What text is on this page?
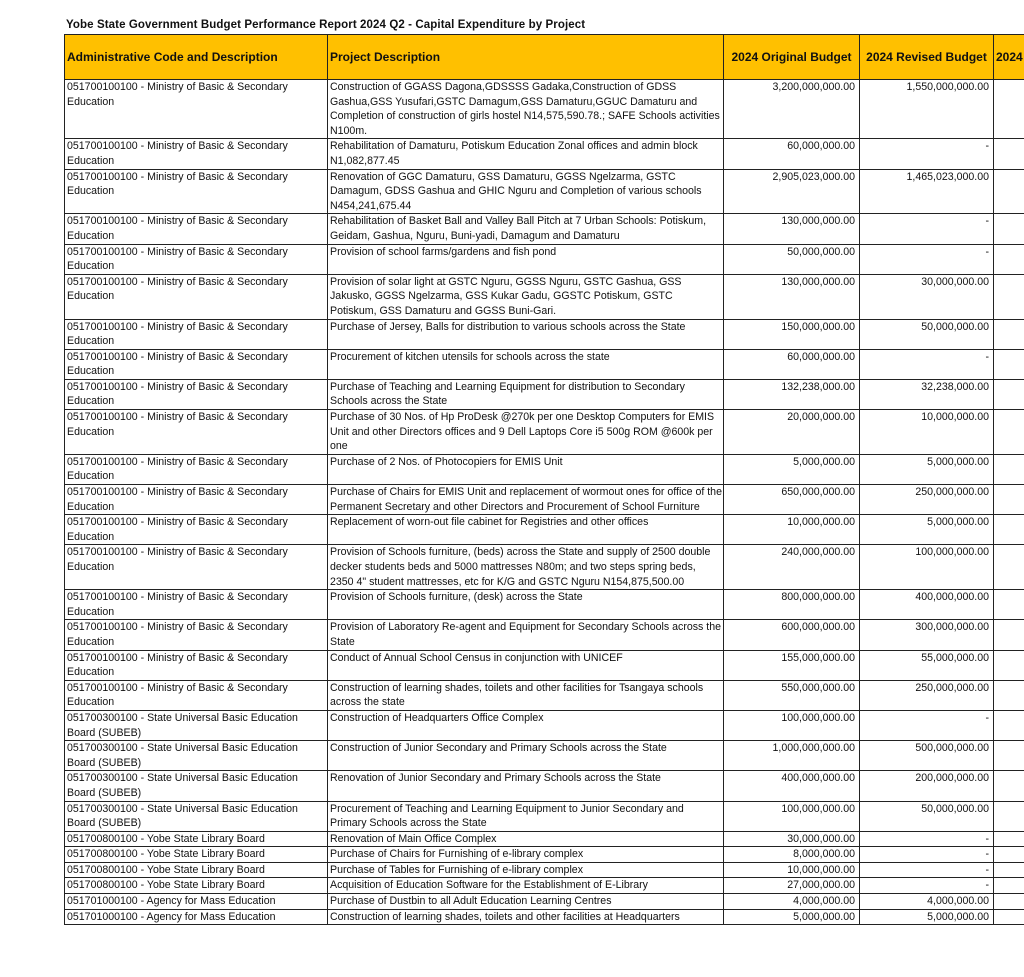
Yobe State Government Budget Performance Report 2024 Q2 - Capital Expenditure by Project
Administrative Code and Description	Project Description	2024 Original Budget	2024 Revised Budget	2024
051700100100 - Ministry of Basic & Secondary Education	Construction of GGASS Dagona,GDSSSS Gadaka,Construction of GDSS Gashua,GSS Yusufari,GSTC Damagum,GSS Damaturu,GGUC Damaturu and Completion of construction of girls hostel N14,575,590.78.; SAFE Schools activities N100m.	3,200,000,000.00	1,550,000,000.00	
051700100100 - Ministry of Basic & Secondary Education	Rehabilitation of Damaturu, Potiskum Education Zonal offices and admin block N1,082,877.45	60,000,000.00	-	
051700100100 - Ministry of Basic & Secondary Education	Renovation of GGC Damaturu, GSS Damaturu, GGSS Ngelzarma, GSTC Damagum, GDSS Gashua and GHIC Nguru and Completion of various schools N454,241,675.44	2,905,023,000.00	1,465,023,000.00	
051700100100 - Ministry of Basic & Secondary Education	Rehabilitation of Basket Ball and Valley Ball Pitch at 7 Urban Schools: Potiskum, Geidam, Gashua, Nguru, Buni-yadi, Damagum and Damaturu	130,000,000.00	-	
051700100100 - Ministry of Basic & Secondary Education	Provision of school farms/gardens and fish pond	50,000,000.00	-	
051700100100 - Ministry of Basic & Secondary Education	Provision of solar light at GSTC Nguru, GGSS Nguru, GSTC Gashua, GSS Jakusko, GGSS Ngelzarma, GSS Kukar Gadu, GGSTC Potiskum, GSTC Potiskum, GSS Damaturu and GGSS Buni-Gari.	130,000,000.00	30,000,000.00	
051700100100 - Ministry of Basic & Secondary Education	Purchase of Jersey, Balls for distribution to various schools across the State	150,000,000.00	50,000,000.00	
051700100100 - Ministry of Basic & Secondary Education	Procurement of kitchen utensils for schools across the state	60,000,000.00	-	
051700100100 - Ministry of Basic & Secondary Education	Purchase of Teaching and Learning Equipment for distribution to Secondary Schools across the State	132,238,000.00	32,238,000.00	
051700100100 - Ministry of Basic & Secondary Education	Purchase of 30 Nos. of Hp ProDesk @270k per one Desktop Computers for EMIS Unit and other Directors offices and 9 Dell Laptops Core i5 500g ROM @600k per one	20,000,000.00	10,000,000.00	
051700100100 - Ministry of Basic & Secondary Education	Purchase of 2 Nos. of Photocopiers for EMIS Unit	5,000,000.00	5,000,000.00	
051700100100 - Ministry of Basic & Secondary Education	Purchase of Chairs for EMIS Unit and replacement of wormout ones for office of the Permanent Secretary and other Directors and Procurement of School Furniture	650,000,000.00	250,000,000.00	
051700100100 - Ministry of Basic & Secondary Education	Replacement of worn-out file cabinet for Registries and other offices	10,000,000.00	5,000,000.00	
051700100100 - Ministry of Basic & Secondary Education	Provision of Schools furniture, (beds) across the State and supply of 2500 double decker students beds and 5000 mattresses N80m; and two steps spring beds, 2350 4" student mattresses, etc for K/G and GSTC Nguru N154,875,500.00	240,000,000.00	100,000,000.00	
051700100100 - Ministry of Basic & Secondary Education	Provision of Schools furniture, (desk) across the State	800,000,000.00	400,000,000.00	
051700100100 - Ministry of Basic & Secondary Education	Provision of Laboratory Re-agent and Equipment for Secondary Schools across the State	600,000,000.00	300,000,000.00	
051700100100 - Ministry of Basic & Secondary Education	Conduct of Annual School Census in conjunction with UNICEF	155,000,000.00	55,000,000.00	
051700100100 - Ministry of Basic & Secondary Education	Construction of learning shades, toilets and other facilities for Tsangaya schools across the state	550,000,000.00	250,000,000.00	
051700300100 - State Universal Basic Education Board (SUBEB)	Construction of Headquarters Office Complex	100,000,000.00	-	
051700300100 - State Universal Basic Education Board (SUBEB)	Construction of Junior Secondary and Primary Schools across the State	1,000,000,000.00	500,000,000.00	
051700300100 - State Universal Basic Education Board (SUBEB)	Renovation of Junior Secondary and Primary Schools across the State	400,000,000.00	200,000,000.00	
051700300100 - State Universal Basic Education Board (SUBEB)	Procurement of Teaching and Learning Equipment to Junior Secondary and Primary Schools across the State	100,000,000.00	50,000,000.00	
051700800100 - Yobe State Library Board	Renovation of Main Office Complex	30,000,000.00	-	
051700800100 - Yobe State Library Board	Purchase of Chairs for Furnishing of e-library complex	8,000,000.00	-	
051700800100 - Yobe State Library Board	Purchase of Tables for Furnishing of e-library complex	10,000,000.00	-	
051700800100 - Yobe State Library Board	Acquisition of Education Software for the Establishment of E-Library	27,000,000.00	-	
051701000100 - Agency for Mass Education	Purchase of Dustbin to all Adult Education Learning Centres	4,000,000.00	4,000,000.00	
051701000100 - Agency for Mass Education	Construction of learning shades, toilets and other facilities at Headquarters	5,000,000.00	5,000,000.00	
